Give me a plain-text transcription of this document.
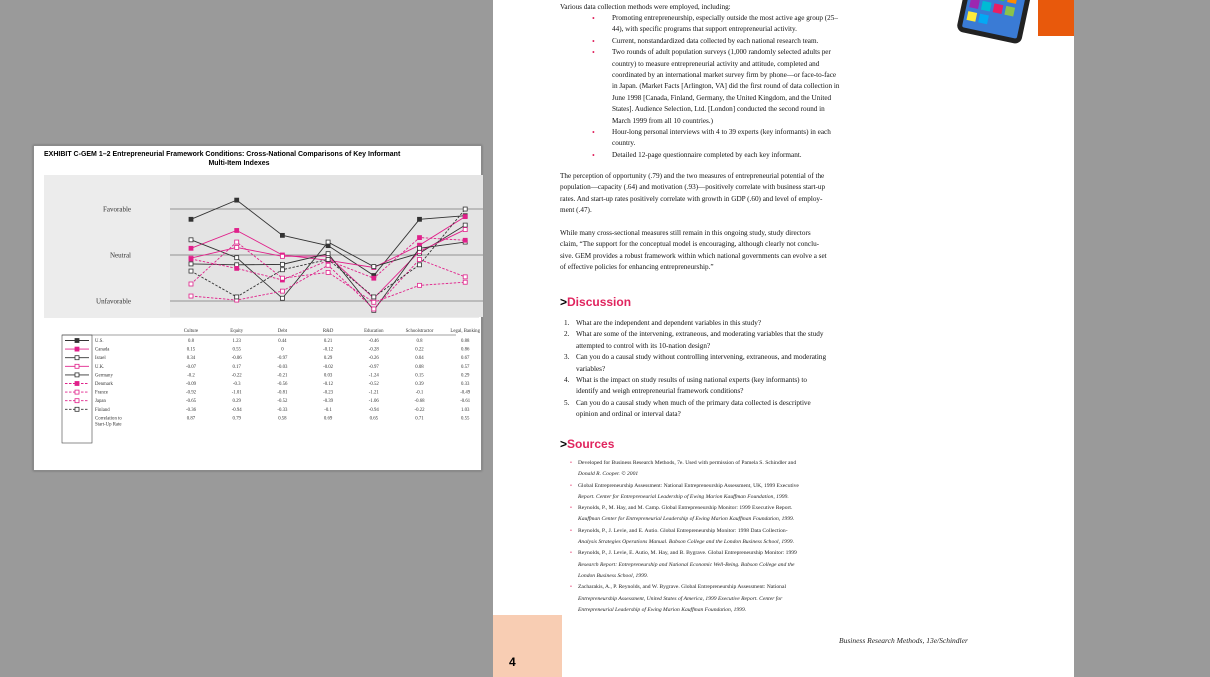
EXHIBIT C-GEM 1–2 Entrepreneurial Framework Conditions: Cross-National Comparisons of Key Informant
Multi-Item Indexes
Favorable
Neutral
Unfavorable
Culture	Equity	Debt	R&D	Education	Schoolstractor	Legal, Banking
U.S.	0.8	1.23	0.44	0.21	-0.46	0.8	0.88
Canada	0.15	0.55	0	-0.12	-0.28	0.22	0.86
Israel	0.34	-0.06	-0.97	0.29	-0.26	0.04	0.67
U.K.	-0.07	0.17	-0.03	-0.02	-0.97	0.08	0.57
Germany	-0.2	-0.22	-0.21	0.03	-1.24	0.15	0.29
Denmark	-0.09	-0.3	-0.56	-0.12	-0.52	0.39	0.33
France	-0.92	-1.01	-0.81	-0.23	-1.21	-0.1	-0.49
Japan	-0.65	0.29	-0.52	-0.39	-1.06	-0.68	-0.61
Finland	-0.36	-0.94	-0.33	-0.1	-0.94	-0.22	1.03
Correlation to
Start-Up Rate
0.87	0.79	0.58	0.69	0.65	0.71	0.55
Various data collection methods were employed, including:
• Promoting entrepreneurship, especially outside the most active age group (25–
44), with specific programs that support entrepreneurial activity.
• Current, nonstandardized data collected by each national research team.
• Two rounds of adult population surveys (1,000 randomly selected adults per
country) to measure entrepreneurial activity and attitude, completed and
coordinated by an international market survey firm by phone—or face-to-face
in Japan. (Market Facts [Arlington, VA] did the first round of data collection in
June 1998 [Canada, Finland, Germany, the United Kingdom, and the United
States]. Audience Selection, Ltd. [London] conducted the second round in
March 1999 from all 10 countries.)
• Hour-long personal interviews with 4 to 39 experts (key informants) in each
country.
• Detailed 12-page questionnaire completed by each key informant.
The perception of opportunity (.79) and the two measures of entrepreneurial potential of the
population—capacity (.64) and motivation (.93)—positively correlate with business start-up
rates. And start-up rates positively correlate with growth in GDP (.60) and level of employ-
ment (.47).
While many cross-sectional measures still remain in this ongoing study, study directors
claim, “The support for the conceptual model is encouraging, although clearly not conclu-
sive. GEM provides a robust framework within which national governments can evolve a set
of effective policies for enhancing entrepreneurship.”
>Discussion
1. What are the independent and dependent variables in this study?
2. What are some of the intervening, extraneous, and moderating variables that the study
attempted to control with its 10-nation design?
3. Can you do a causal study without controlling intervening, extraneous, and moderating
variables?
4. What is the impact on study results of using national experts (key informants) to
identify and weigh entrepreneurial framework conditions?
5. Can you do a causal study when much of the primary data collected is descriptive
opinion and ordinal or interval data?
>Sources
• Developed for Business Research Methods, 7e. Used with permission of Pamela S. Schindler and
Donald R. Cooper. © 2001
• Global Entrepreneurship Assessment: National Entrepreneurship Assessment, UK, 1999 Executive
Report. Center for Entrepreneurial Leadership of Ewing Marion Kauffman Foundation, 1999.
• Reynolds, P., M. Hay, and M. Camp. Global Entrepreneurship Monitor: 1999 Executive Report.
Kauffman Center for Entrepreneurial Leadership of Ewing Marion Kauffman Foundation, 1999.
• Reynolds, P., J. Levie, and E. Autio. Global Entrepreneurship Monitor: 1998 Data Collection-
Analysis Strategies Operations Manual. Babson College and the London Business School, 1999.
• Reynolds, P., J. Levie, E. Autio, M. Hay, and B. Bygrave. Global Entrepreneurship Monitor: 1999
Research Report: Entrepreneurship and National Economic Well-Being. Babson College and the
London Business School, 1999.
• Zacharakis, A., P. Reynolds, and W. Bygrave. Global Entrepreneurship Assessment: National
Entrepreneurship Assessment, United States of America, 1999 Executive Report. Center for
Entrepreneurial Leadership of Ewing Marion Kauffman Foundation, 1999.
Business Research Methods, 13e/Schindler
4
